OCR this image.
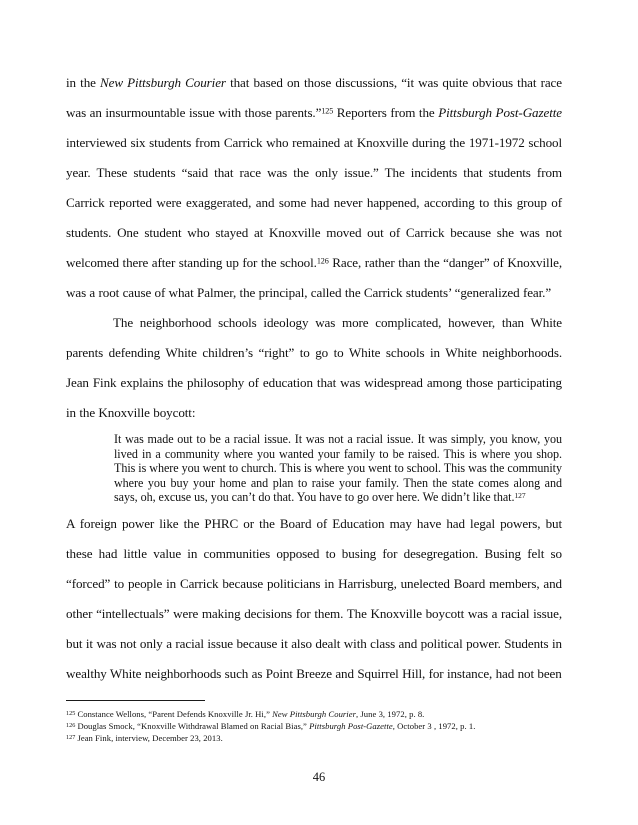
in the New Pittsburgh Courier that based on those discussions, “it was quite obvious that race was an insurmountable issue with those parents.”$^{125}$ Reporters from the Pittsburgh Post-Gazette interviewed six students from Carrick who remained at Knoxville during the 1971-1972 school year. These students “said that race was the only issue.” The incidents that students from Carrick reported were exaggerated, and some had never happened, according to this group of students. One student who stayed at Knoxville moved out of Carrick because she was not welcomed there after standing up for the school.$^{126}$ Race, rather than the “danger” of Knoxville, was a root cause of what Palmer, the principal, called the Carrick students’ “generalized fear.”

The neighborhood schools ideology was more complicated, however, than White parents defending White children’s “right” to go to White schools in White neighborhoods. Jean Fink explains the philosophy of education that was widespread among those participating in the Knoxville boycott:

It was made out to be a racial issue. It was not a racial issue. It was simply, you know, you lived in a community where you wanted your family to be raised. This is where you shop. This is where you went to church. This is where you went to school. This was the community where you buy your home and plan to raise your family. Then the state comes along and says, oh, excuse us, you can’t do that. You have to go over here. We didn’t like that.$^{127}$

A foreign power like the PHRC or the Board of Education may have had legal powers, but these had little value in communities opposed to busing for desegregation. Busing felt so “forced” to people in Carrick because politicians in Harrisburg, unelected Board members, and other “intellectuals” were making decisions for them. The Knoxville boycott was a racial issue, but it was not only a racial issue because it also dealt with class and political power. Students in wealthy White neighborhoods such as Point Breeze and Squirrel Hill, for instance, had not been

$^{125}$ Constance Wellons, “Parent Defends Knoxville Jr. Hi,” New Pittsburgh Courier, June 3, 1972, p. 8.

$^{126}$ Douglas Smock, “Knoxville Withdrawal Blamed on Racial Bias,” Pittsburgh Post-Gazette, October 3 , 1972, p. 1.

$^{127}$ Jean Fink, interview, December 23, 2013.

46
